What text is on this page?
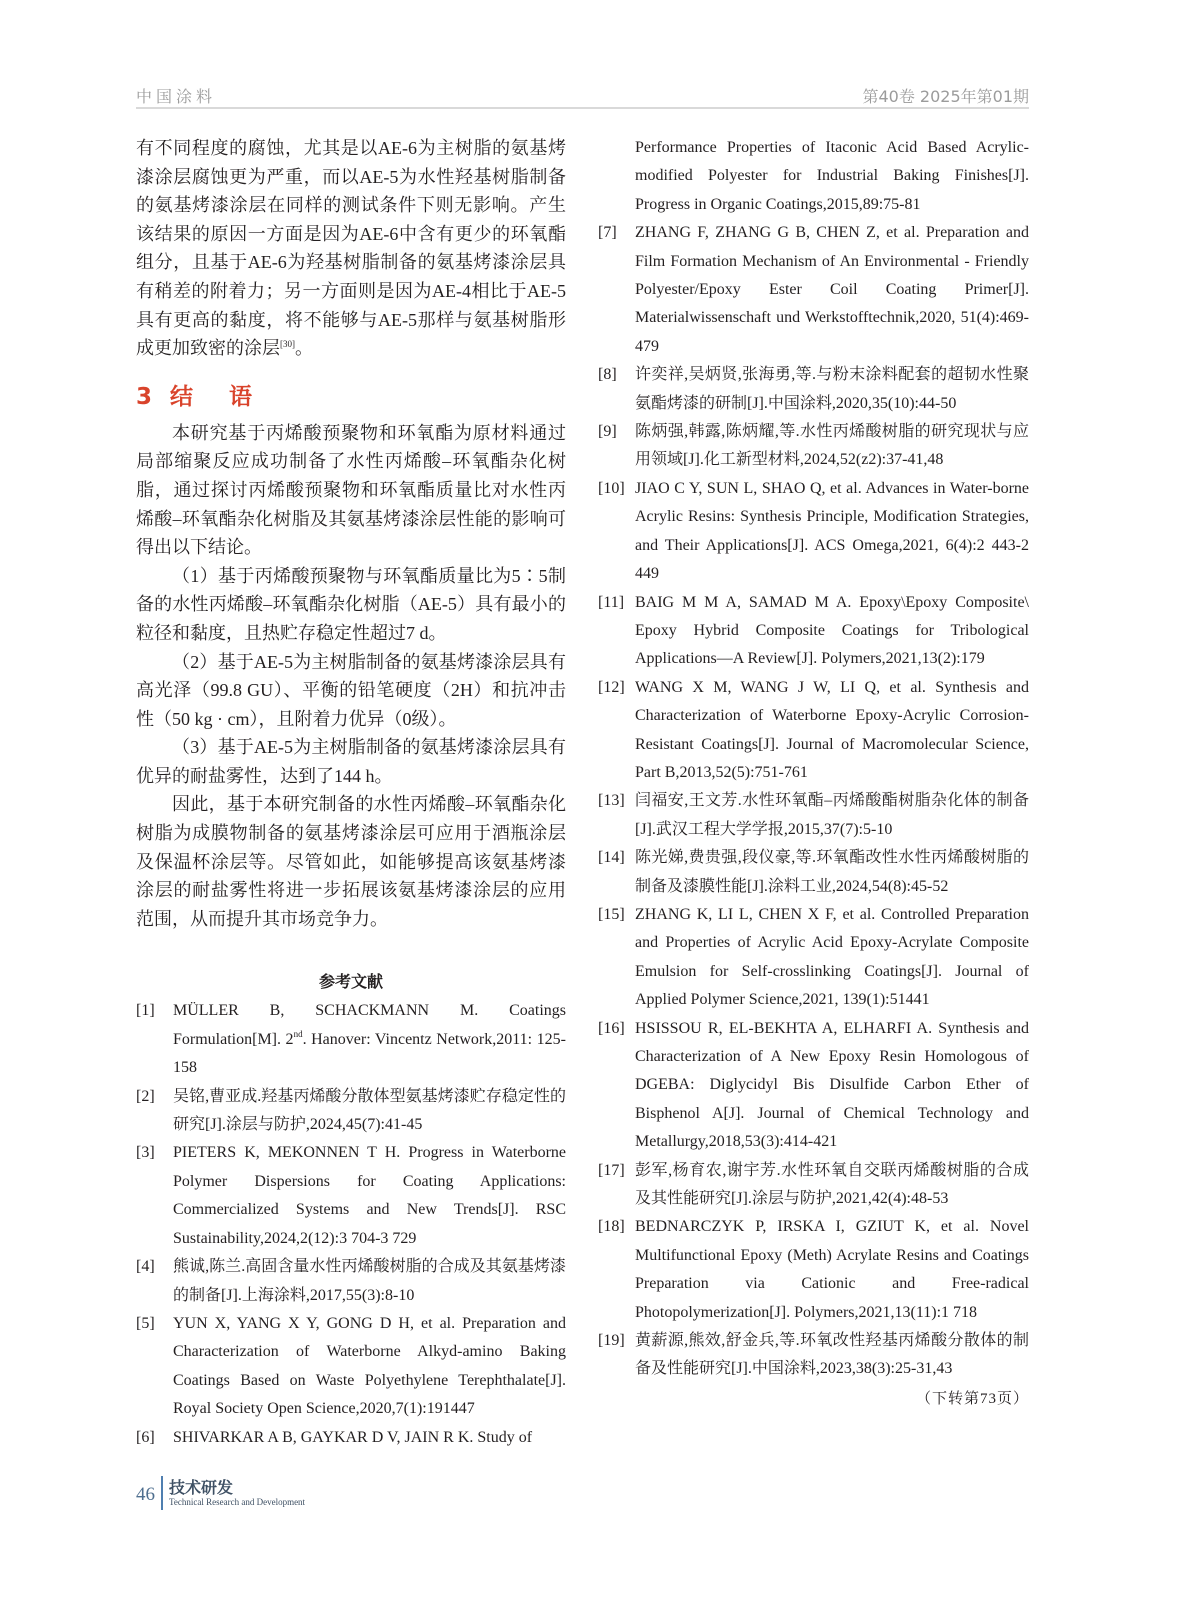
中国涂料	第40卷 2025年第01期

有不同程度的腐蚀，尤其是以AE-6为主树脂的氨基烤漆涂层腐蚀更为严重，而以AE-5为水性羟基树脂制备的氨基烤漆涂层在同样的测试条件下则无影响。产生该结果的原因一方面是因为AE-6中含有更少的环氧酯组分，且基于AE-6为羟基树脂制备的氨基烤漆涂层具有稍差的附着力；另一方面则是因为AE-4相比于AE-5具有更高的黏度，将不能够与AE-5那样与氨基树脂形成更加致密的涂层[30]。

3 结 语

本研究基于丙烯酸预聚物和环氧酯为原材料通过局部缩聚反应成功制备了水性丙烯酸–环氧酯杂化树脂，通过探讨丙烯酸预聚物和环氧酯质量比对水性丙烯酸–环氧酯杂化树脂及其氨基烤漆涂层性能的影响可得出以下结论。

（1）基于丙烯酸预聚物与环氧酯质量比为5∶5制备的水性丙烯酸–环氧酯杂化树脂（AE-5）具有最小的粒径和黏度，且热贮存稳定性超过7 d。

（2）基于AE-5为主树脂制备的氨基烤漆涂层具有高光泽（99.8 GU）、平衡的铅笔硬度（2H）和抗冲击性（50 kg · cm），且附着力优异（0级）。

（3）基于AE-5为主树脂制备的氨基烤漆涂层具有优异的耐盐雾性，达到了144 h。

因此，基于本研究制备的水性丙烯酸–环氧酯杂化树脂为成膜物制备的氨基烤漆涂层可应用于酒瓶涂层及保温杯涂层等。尽管如此，如能够提高该氨基烤漆涂层的耐盐雾性将进一步拓展该氨基烤漆涂层的应用范围，从而提升其市场竞争力。

参考文献
[1]	MÜLLER B, SCHACKMANN M. Coatings Formulation[M]. 2nd. Hanover: Vincentz Network,2011: 125-158
[2]	吴铭,曹亚成.羟基丙烯酸分散体型氨基烤漆贮存稳定性的研究[J].涂层与防护,2024,45(7):41-45
[3]	PIETERS K, MEKONNEN T H. Progress in Waterborne Polymer Dispersions for Coating Applications: Commercialized Systems and New Trends[J]. RSC Sustainability,2024,2(12):3 704-3 729
[4]	熊诚,陈兰.高固含量水性丙烯酸树脂的合成及其氨基烤漆的制备[J].上海涂料,2017,55(3):8-10
[5]	YUN X, YANG X Y, GONG D H, et al. Preparation and Characterization of Waterborne Alkyd-amino Baking Coatings Based on Waste Polyethylene Terephthalate[J]. Royal Society Open Science,2020,7(1):191447
[6]	SHIVARKAR A B, GAYKAR D V, JAIN R K. Study of
Performance Properties of Itaconic Acid Based Acrylic-modified Polyester for Industrial Baking Finishes[J]. Progress in Organic Coatings,2015,89:75-81
[7]	ZHANG F, ZHANG G B, CHEN Z, et al. Preparation and Film Formation Mechanism of An Environmental - Friendly Polyester/Epoxy Ester Coil Coating Primer[J]. Materialwissenschaft und Werkstofftechnik,2020, 51(4):469-479
[8]	许奕祥,吴炳贤,张海勇,等.与粉末涂料配套的超韧水性聚氨酯烤漆的研制[J].中国涂料,2020,35(10):44-50
[9]	陈炳强,韩露,陈炳耀,等.水性丙烯酸树脂的研究现状与应用领域[J].化工新型材料,2024,52(z2):37-41,48
[10] JIAO C Y, SUN L, SHAO Q, et al. Advances in Water-borne Acrylic Resins: Synthesis Principle, Modification Strategies, and Their Applications[J]. ACS Omega,2021, 6(4):2 443-2 449
[11] BAIG M M A, SAMAD M A. Epoxy\Epoxy Composite\ Epoxy Hybrid Composite Coatings for Tribological Applications—A Review[J]. Polymers,2021,13(2):179
[12] WANG X M, WANG J W, LI Q, et al. Synthesis and Characterization of Waterborne Epoxy-Acrylic Corrosion-Resistant Coatings[J]. Journal of Macromolecular Science, Part B,2013,52(5):751-761
[13] 闫福安,王文芳.水性环氧酯–丙烯酸酯树脂杂化体的制备[J].武汉工程大学学报,2015,37(7):5-10
[14] 陈光娣,费贵强,段仪豪,等.环氧酯改性水性丙烯酸树脂的制备及漆膜性能[J].涂料工业,2024,54(8):45-52
[15] ZHANG K, LI L, CHEN X F, et al. Controlled Preparation and Properties of Acrylic Acid Epoxy-Acrylate Composite Emulsion for Self-crosslinking Coatings[J]. Journal of Applied Polymer Science,2021, 139(1):51441
[16] HSISSOU R, EL-BEKHTA A, ELHARFI A. Synthesis and Characterization of A New Epoxy Resin Homologous of DGEBA: Diglycidyl Bis Disulfide Carbon Ether of Bisphenol A[J]. Journal of Chemical Technology and Metallurgy,2018,53(3):414-421
[17] 彭军,杨育农,谢宇芳.水性环氧自交联丙烯酸树脂的合成及其性能研究[J].涂层与防护,2021,42(4):48-53
[18] BEDNARCZYK P, IRSKA I, GZIUT K, et al. Novel Multifunctional Epoxy (Meth) Acrylate Resins and Coatings Preparation via Cationic and Free-radical Photopolymerization[J]. Polymers,2021,13(11):1 718
[19] 黄薪源,熊效,舒金兵,等.环氧改性羟基丙烯酸分散体的制备及性能研究[J].中国涂料,2023,38(3):25-31,43
（下转第73页）
46 技术研发
Technical Research and Development
